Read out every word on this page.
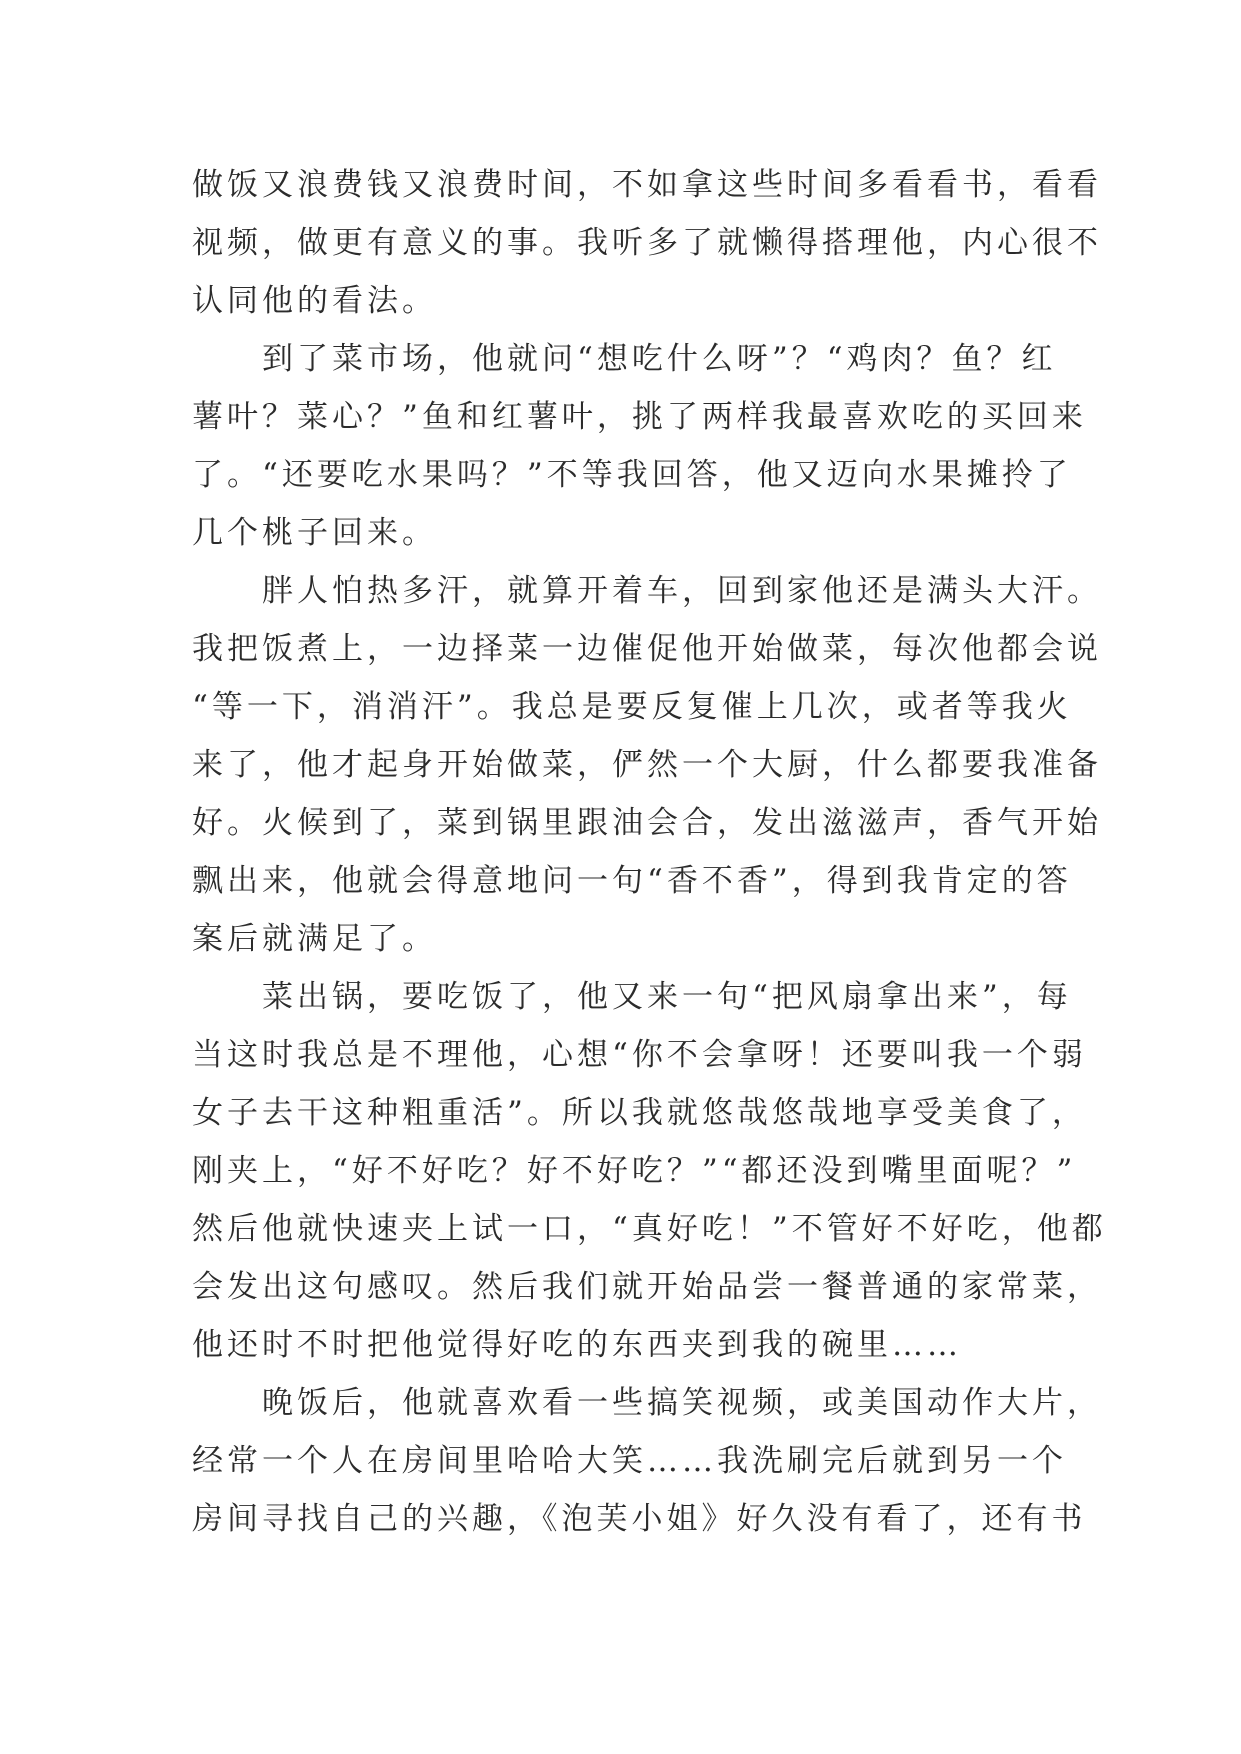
做饭又浪费钱又浪费时间，不如拿这些时间多看看书，看看
视频，做更有意义的事。我听多了就懒得搭理他，内心很不
认同他的看法。
到了菜市场，他就问“想吃什么呀”？“鸡肉？鱼？红
薯叶？菜心？”鱼和红薯叶，挑了两样我最喜欢吃的买回来
了。“还要吃水果吗？”不等我回答，他又迈向水果摊拎了
几个桃子回来。
胖人怕热多汗，就算开着车，回到家他还是满头大汗。
我把饭煮上，一边择菜一边催促他开始做菜，每次他都会说
“等一下，消消汗”。我总是要反复催上几次，或者等我火
来了，他才起身开始做菜，俨然一个大厨，什么都要我准备
好。火候到了，菜到锅里跟油会合，发出滋滋声，香气开始
飘出来，他就会得意地问一句“香不香”，得到我肯定的答
案后就满足了。
菜出锅，要吃饭了，他又来一句“把风扇拿出来”，每
当这时我总是不理他，心想“你不会拿呀！还要叫我一个弱
女子去干这种粗重活”。所以我就悠哉悠哉地享受美食了，
刚夹上，“好不好吃？好不好吃？”“都还没到嘴里面呢？”
然后他就快速夹上试一口，“真好吃！”不管好不好吃，他都
会发出这句感叹。然后我们就开始品尝一餐普通的家常菜，
他还时不时把他觉得好吃的东西夹到我的碗里……
晚饭后，他就喜欢看一些搞笑视频，或美国动作大片，
经常一个人在房间里哈哈大笑……我洗刷完后就到另一个
房间寻找自己的兴趣，《泡芙小姐》好久没有看了，还有书
